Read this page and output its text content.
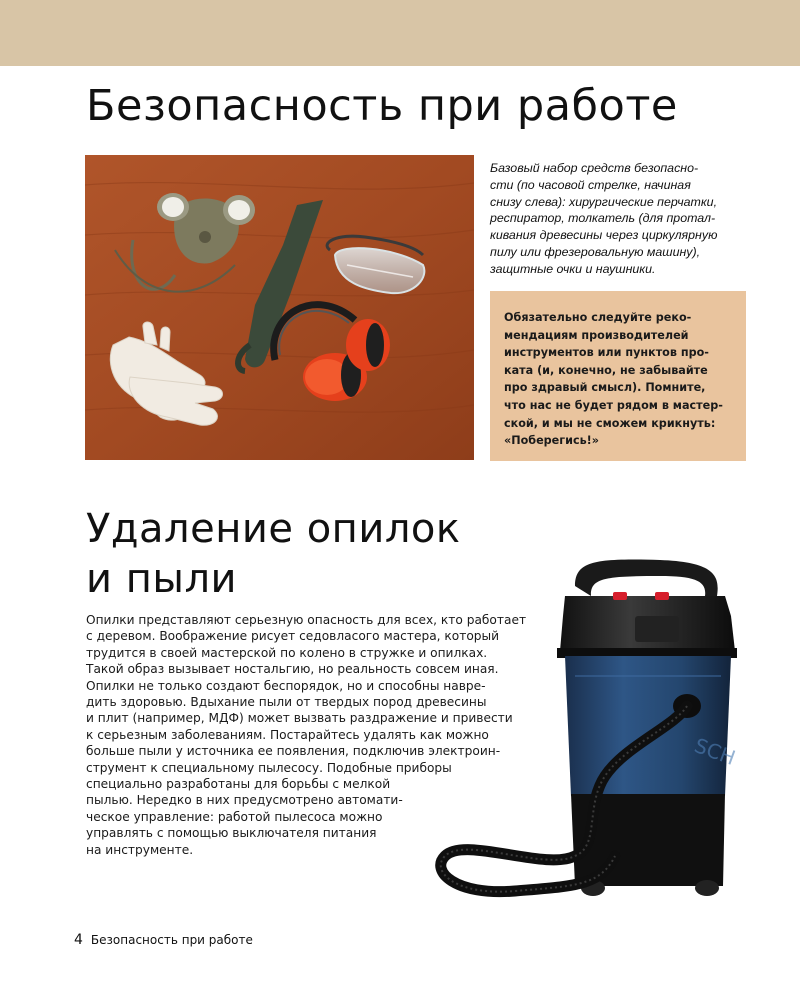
Безопасность при работе

Базовый набор средств безопасно-
сти (по часовой стрелке, начиная
снизу слева): хирургические перчатки,
респиратор, толкатель (для протал-
кивания древесины через циркулярную
пилу или фрезеровальную машину),
защитные очки и наушники.

Обязательно следуйте реко-
мендациям производителей
инструментов или пунктов про-
ката (и, конечно, не забывайте
про здравый смысл). Помните,
что нас не будет рядом в мастер-
ской, и мы не сможем крикнуть:
«Поберегись!»

Удаление опилок
и пыли
SCH

Опилки представляют серьезную опасность для всех, кто работает
с деревом. Воображение рисует седовласого мастера, который
трудится в своей мастерской по колено в стружке и опилках.
Такой образ вызывает ностальгию, но реальность совсем иная.
Опилки не только создают беспорядок, но и способны навре-
дить здоровью. Вдыхание пыли от твердых пород древесины
и плит (например, МДФ) может вызвать раздражение и привести
к серьезным заболеваниям. Постарайтесь удалять как можно
больше пыли у источника ее появления, подключив электроин-
струмент к специальному пылесосу. Подобные приборы
специально разработаны для борьбы с мелкой
пылью. Нередко в них предусмотрено автомати-
ческое управление: работой пылесоса можно
управлять с помощью выключателя питания
на инструменте.

4 Безопасность при работе
